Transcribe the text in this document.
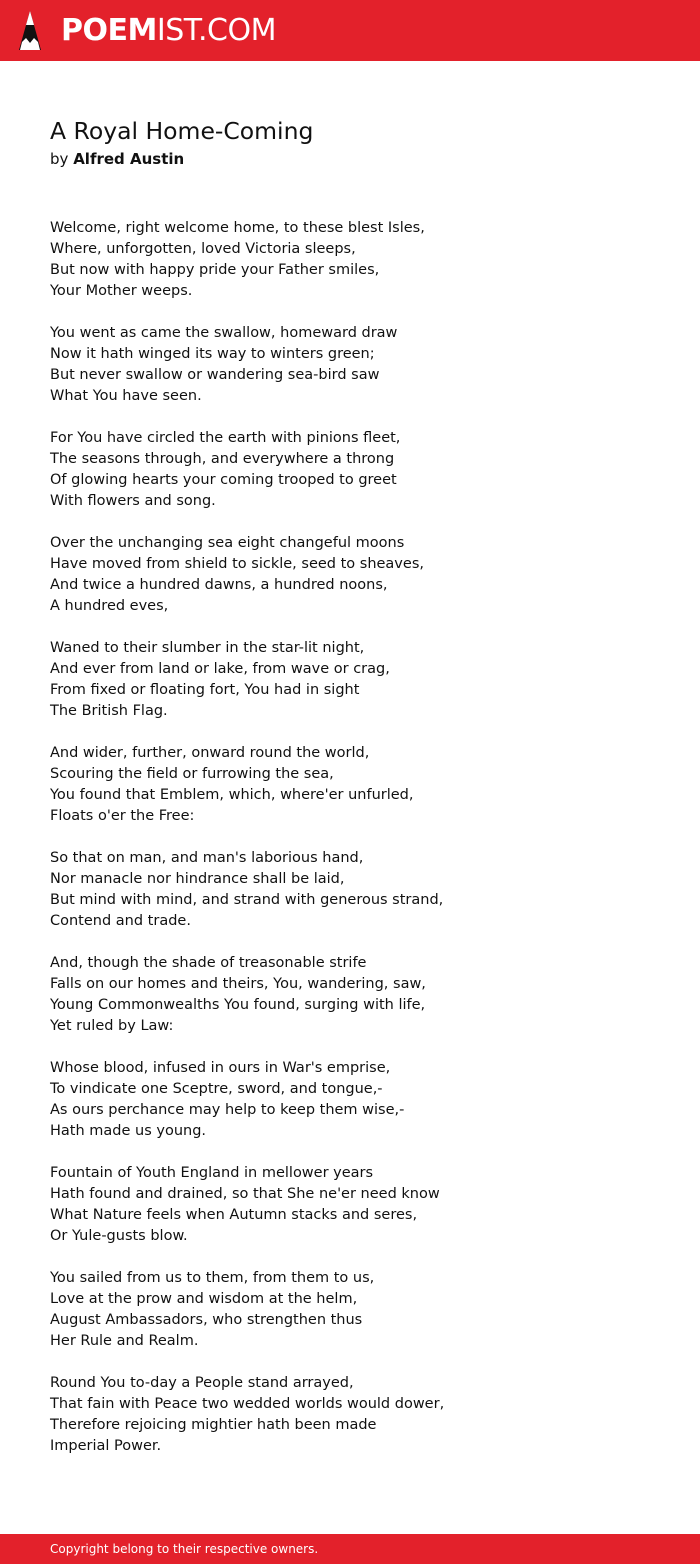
POEMIST.COM
A Royal Home-Coming
by Alfred Austin
Welcome, right welcome home, to these blest Isles,
Where, unforgotten, loved Victoria sleeps,
But now with happy pride your Father smiles,
Your Mother weeps.
You went as came the swallow, homeward draw
Now it hath winged its way to winters green;
But never swallow or wandering sea-bird saw
What You have seen.
For You have circled the earth with pinions fleet,
The seasons through, and everywhere a throng
Of glowing hearts your coming trooped to greet
With flowers and song.
Over the unchanging sea eight changeful moons
Have moved from shield to sickle, seed to sheaves,
And twice a hundred dawns, a hundred noons,
A hundred eves,
Waned to their slumber in the star-lit night,
And ever from land or lake, from wave or crag,
From fixed or floating fort, You had in sight
The British Flag.
And wider, further, onward round the world,
Scouring the field or furrowing the sea,
You found that Emblem, which, where'er unfurled,
Floats o'er the Free:
So that on man, and man's laborious hand,
Nor manacle nor hindrance shall be laid,
But mind with mind, and strand with generous strand,
Contend and trade.
And, though the shade of treasonable strife
Falls on our homes and theirs, You, wandering, saw,
Young Commonwealths You found, surging with life,
Yet ruled by Law:
Whose blood, infused in ours in War's emprise,
To vindicate one Sceptre, sword, and tongue,-
As ours perchance may help to keep them wise,-
Hath made us young.
Fountain of Youth England in mellower years
Hath found and drained, so that She ne'er need know
What Nature feels when Autumn stacks and seres,
Or Yule-gusts blow.
You sailed from us to them, from them to us,
Love at the prow and wisdom at the helm,
August Ambassadors, who strengthen thus
Her Rule and Realm.
Round You to-day a People stand arrayed,
That fain with Peace two wedded worlds would dower,
Therefore rejoicing mightier hath been made
Imperial Power.
Copyright belong to their respective owners.
